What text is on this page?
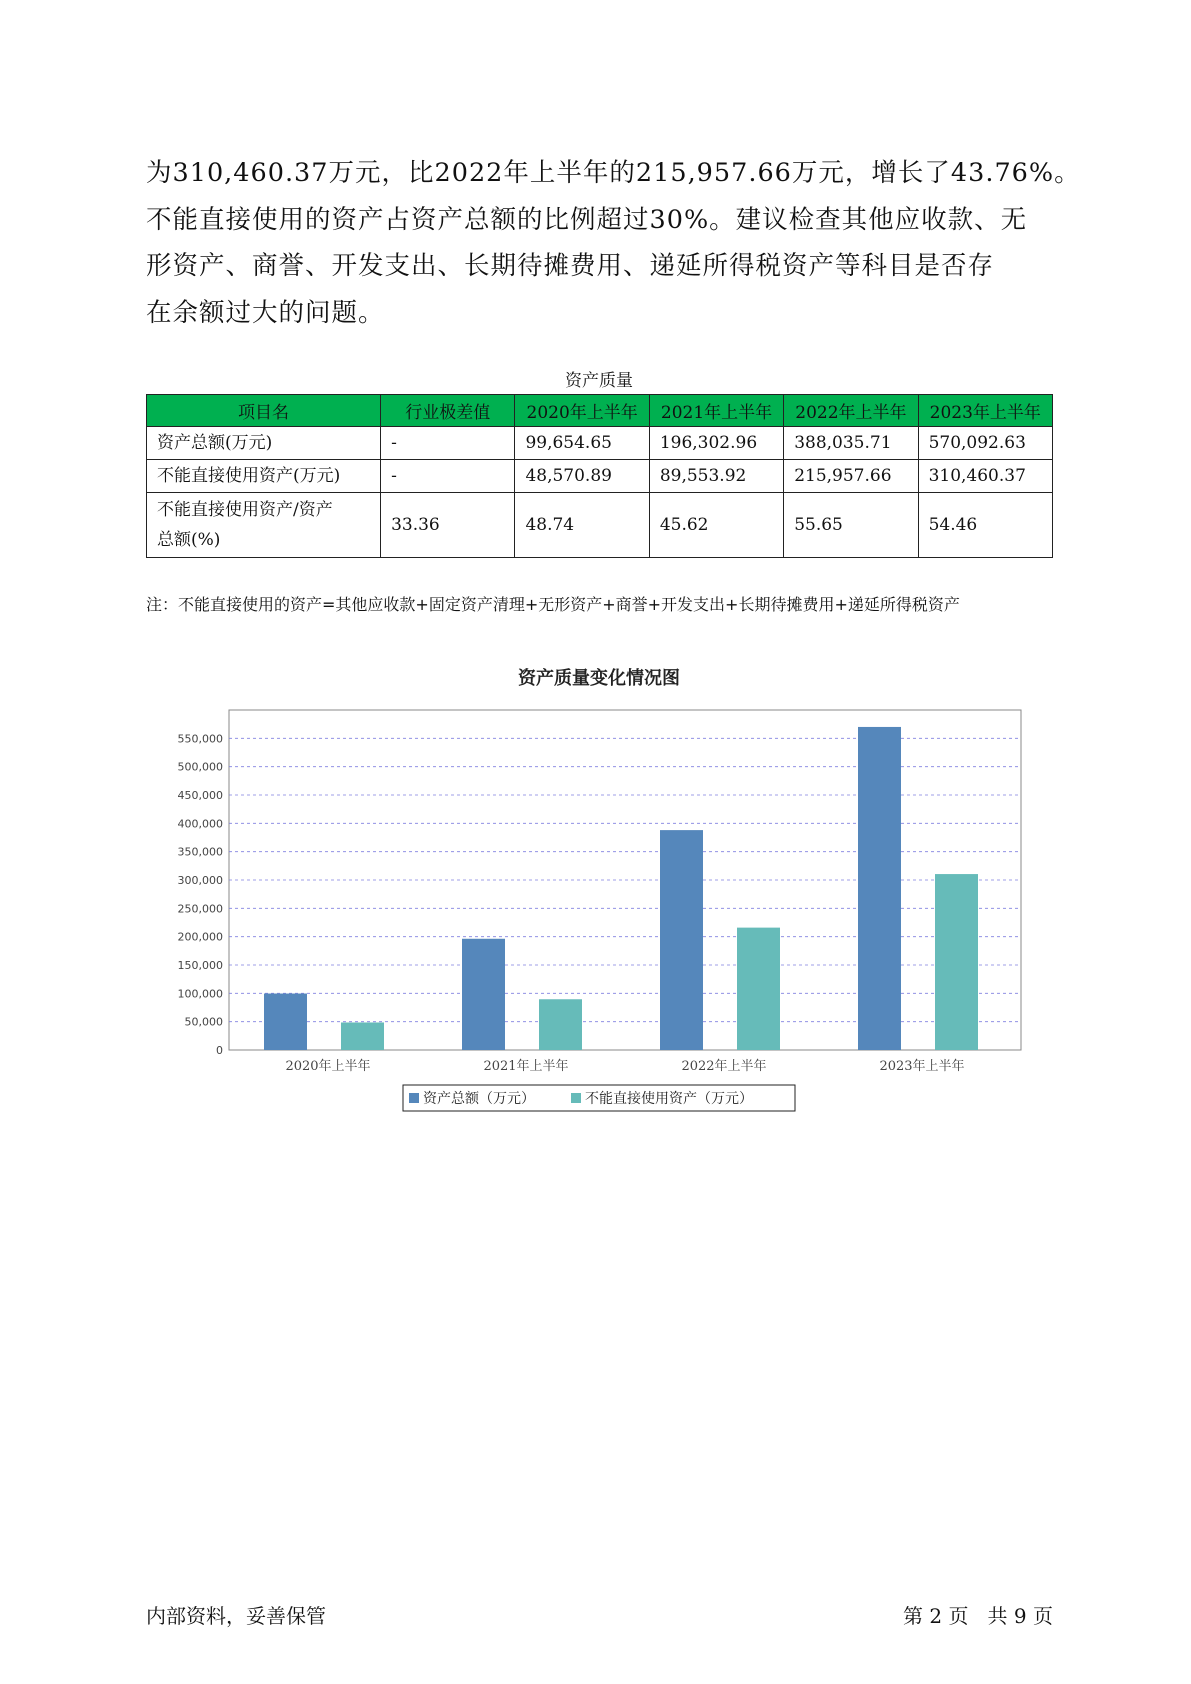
为310,460.37万元，比2022年上半年的215,957.66万元，增长了43.76%。
不能直接使用的资产占资产总额的比例超过30%。建议检查其他应收款、无
形资产、商誉、开发支出、长期待摊费用、递延所得税资产等科目是否存
在余额过大的问题。
资产质量
项目名	行业极差值	2020年上半年	2021年上半年	2022年上半年	2023年上半年
资产总额(万元)	-	99,654.65	196,302.96	388,035.71	570,092.63
不能直接使用资产(万元)	-	48,570.89	89,553.92	215,957.66	310,460.37
不能直接使用资产/资产
总额(%)	33.36	48.74	45.62	55.65	54.46
注：不能直接使用的资产=其他应收款+固定资产清理+无形资产+商誉+开发支出+长期待摊费用+递延所得税资产
资产质量变化情况图
0
50,000
100,000
150,000
200,000
250,000
300,000
350,000
400,000
450,000
500,000
550,000
2020年上半年	2021年上半年	2022年上半年	2023年上半年
资产总额（万元）	不能直接使用资产（万元）
内部资料，妥善保管	第 2 页   共 9 页
